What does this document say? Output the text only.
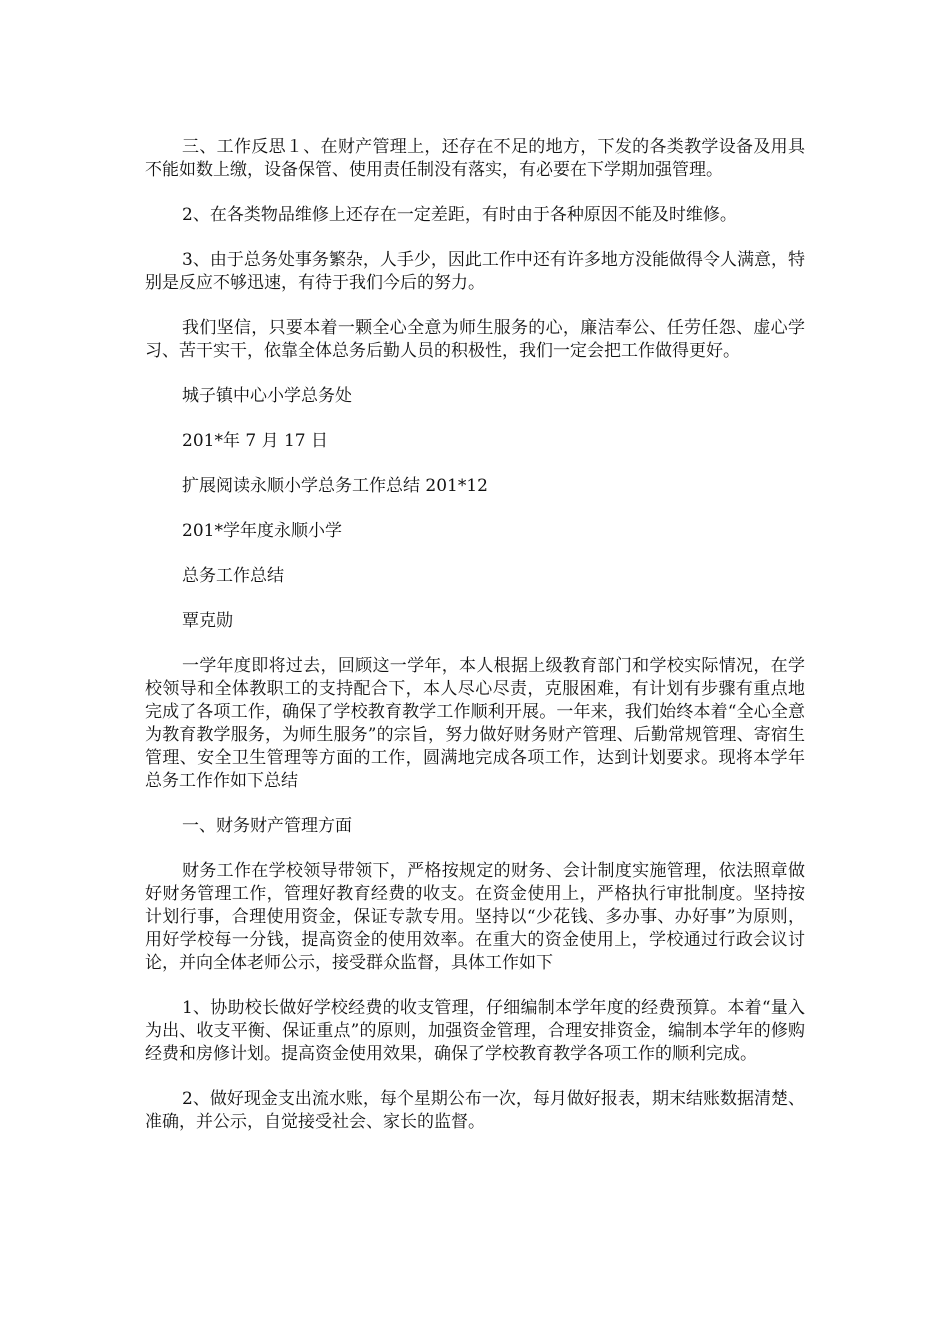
三、工作反思１、在财产管理上，还存在不足的地方，下发的各类教学设备及用具不能如数上缴，设备保管、使用责任制没有落实，有必要在下学期加强管理。

2、在各类物品维修上还存在一定差距，有时由于各种原因不能及时维修。

3、由于总务处事务繁杂，人手少，因此工作中还有许多地方没能做得令人满意，特别是反应不够迅速，有待于我们今后的努力。

我们坚信，只要本着一颗全心全意为师生服务的心，廉洁奉公、任劳任怨、虚心学习、苦干实干，依靠全体总务后勤人员的积极性，我们一定会把工作做得更好。

城子镇中心小学总务处

201*年 7 月 17 日

扩展阅读永顺小学总务工作总结 201*12

201*学年度永顺小学

总务工作总结

覃克勋

一学年度即将过去，回顾这一学年，本人根据上级教育部门和学校实际情况，在学校领导和全体教职工的支持配合下，本人尽心尽责，克服困难，有计划有步骤有重点地完成了各项工作，确保了学校教育教学工作顺利开展。一年来，我们始终本着“全心全意为教育教学服务，为师生服务”的宗旨，努力做好财务财产管理、后勤常规管理、寄宿生管理、安全卫生管理等方面的工作，圆满地完成各项工作，达到计划要求。现将本学年总务工作作如下总结

一、财务财产管理方面

财务工作在学校领导带领下，严格按规定的财务、会计制度实施管理，依法照章做好财务管理工作，管理好教育经费的收支。在资金使用上，严格执行审批制度。坚持按计划行事，合理使用资金，保证专款专用。坚持以“少花钱、多办事、办好事”为原则，用好学校每一分钱，提高资金的使用效率。在重大的资金使用上，学校通过行政会议讨论，并向全体老师公示，接受群众监督，具体工作如下

1、协助校长做好学校经费的收支管理，仔细编制本学年度的经费预算。本着“量入为出、收支平衡、保证重点”的原则，加强资金管理，合理安排资金，编制本学年的修购经费和房修计划。提高资金使用效果，确保了学校教育教学各项工作的顺利完成。

2、做好现金支出流水账，每个星期公布一次，每月做好报表，期末结账数据清楚、准确，并公示，自觉接受社会、家长的监督。
